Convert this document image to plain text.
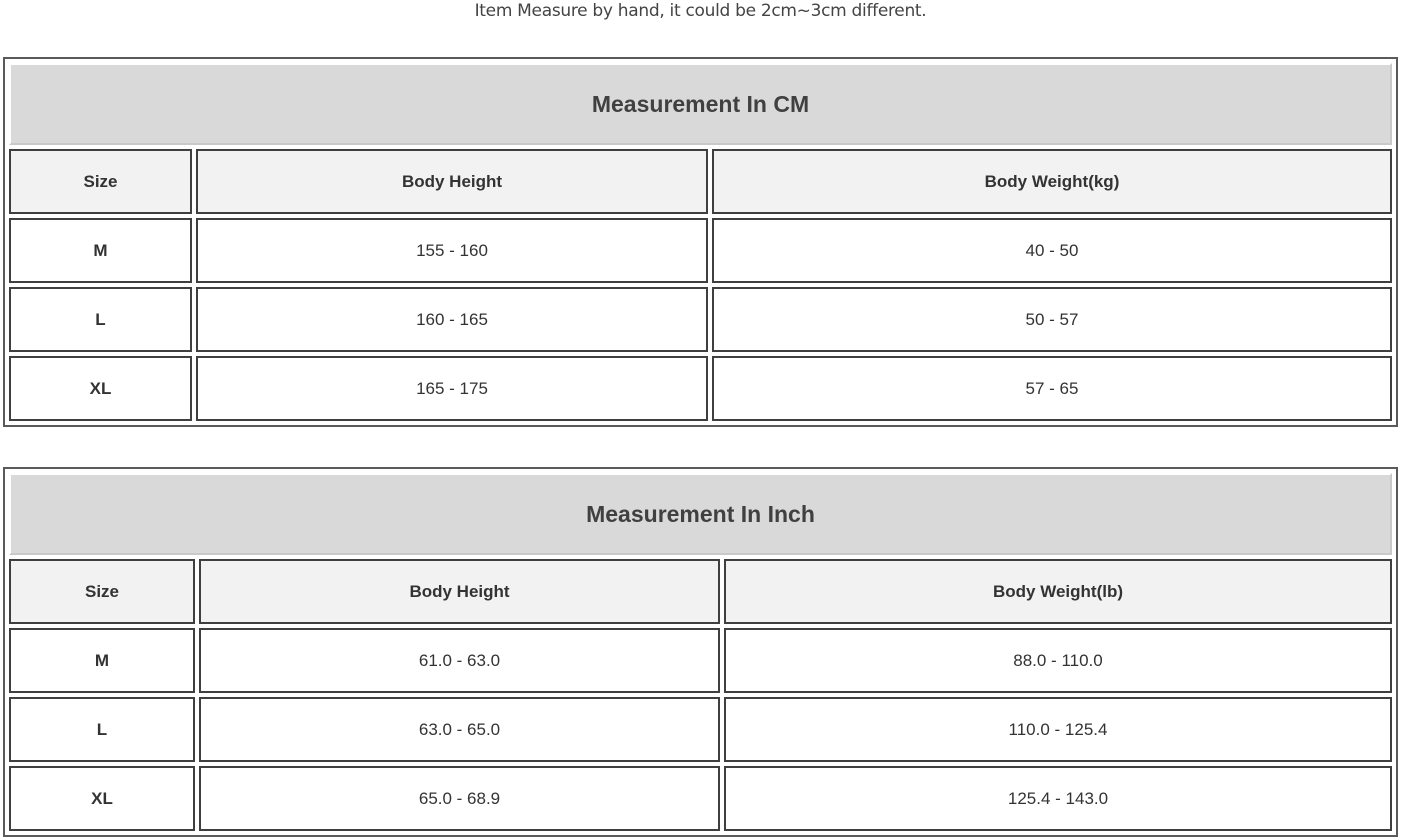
Item Measure by hand, it could be 2cm~3cm different.
Measurement In CM		
Size	Body Height	Body Weight(kg)
M	155 - 160	40 - 50
L	160 - 165	50 - 57
XL	165 - 175	57 - 65
Measurement In Inch		
Size	Body Height	Body Weight(lb)
M	61.0 - 63.0	88.0 - 110.0
L	63.0 - 65.0	110.0 - 125.4
XL	65.0 - 68.9	125.4 - 143.0
